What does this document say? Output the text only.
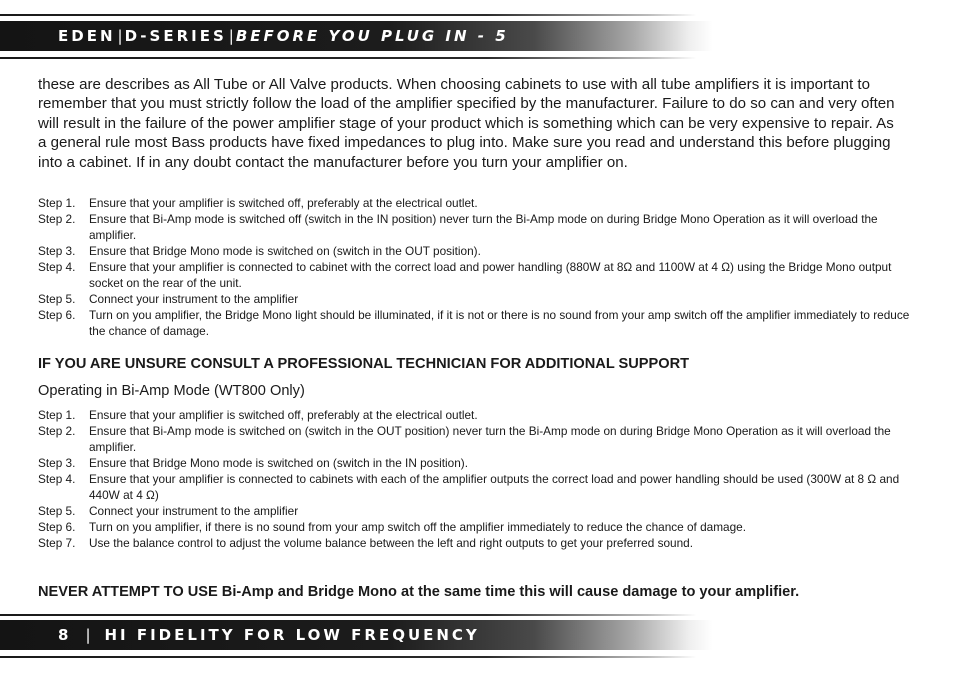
EDEN | D-SERIES | BEFORE YOU PLUG IN - 5

these are describes as All Tube or All Valve products. When choosing cabinets to use with all tube amplifiers it is important to remember that you must strictly follow the load of the amplifier specified by the manufacturer. Failure to do so can and very often will result in the failure of the power amplifier stage of your product which is something which can be very expensive to repair. As a general rule most Bass products have fixed impedances to plug into. Make sure you read and understand this before plugging into a cabinet. If in any doubt contact the manufacturer before you turn your amplifier on.

Step 1.	Ensure that your amplifier is switched off, preferably at the electrical outlet.
Step 2.	Ensure that Bi-Amp mode is switched off (switch in the IN position) never turn the Bi-Amp mode on during Bridge Mono Operation as it will overload the amplifier.
Step 3.	Ensure that Bridge Mono mode is switched on (switch in the OUT position).
Step 4.	Ensure that your amplifier is connected to cabinet with the correct load and power handling (880W at 8Ω and 1100W at 4 Ω) using the Bridge Mono output socket on the rear of the unit.
Step 5.	Connect your instrument to the amplifier
Step 6.	Turn on you amplifier, the Bridge Mono light should be illuminated, if it is not or there is no sound from your amp switch off the amplifier immediately to reduce the chance of damage.

IF YOU ARE UNSURE CONSULT A PROFESSIONAL TECHNICIAN FOR ADDITIONAL SUPPORT

Operating in Bi-Amp Mode (WT800 Only)

Step 1.	Ensure that your amplifier is switched off, preferably at the electrical outlet.
Step 2.	Ensure that Bi-Amp mode is switched on (switch in the OUT position) never turn the Bi-Amp mode on during Bridge Mono Operation as it will overload the amplifier.
Step 3.	Ensure that Bridge Mono mode is switched on (switch in the IN position).
Step 4.	Ensure that your amplifier is connected to cabinets with each of the amplifier outputs the correct load and power handling should be used (300W at 8 Ω and 440W at 4 Ω)
Step 5.	Connect your instrument to the amplifier
Step 6.	Turn on you amplifier, if there is no sound from your amp switch off the amplifier immediately to reduce the chance of damage.
Step 7.	Use the balance control to adjust the volume balance between the left and right outputs to get your preferred sound.

NEVER ATTEMPT TO USE Bi-Amp and Bridge Mono at the same time this will cause damage to your amplifier.

8 | HI FIDELITY FOR LOW FREQUENCY
